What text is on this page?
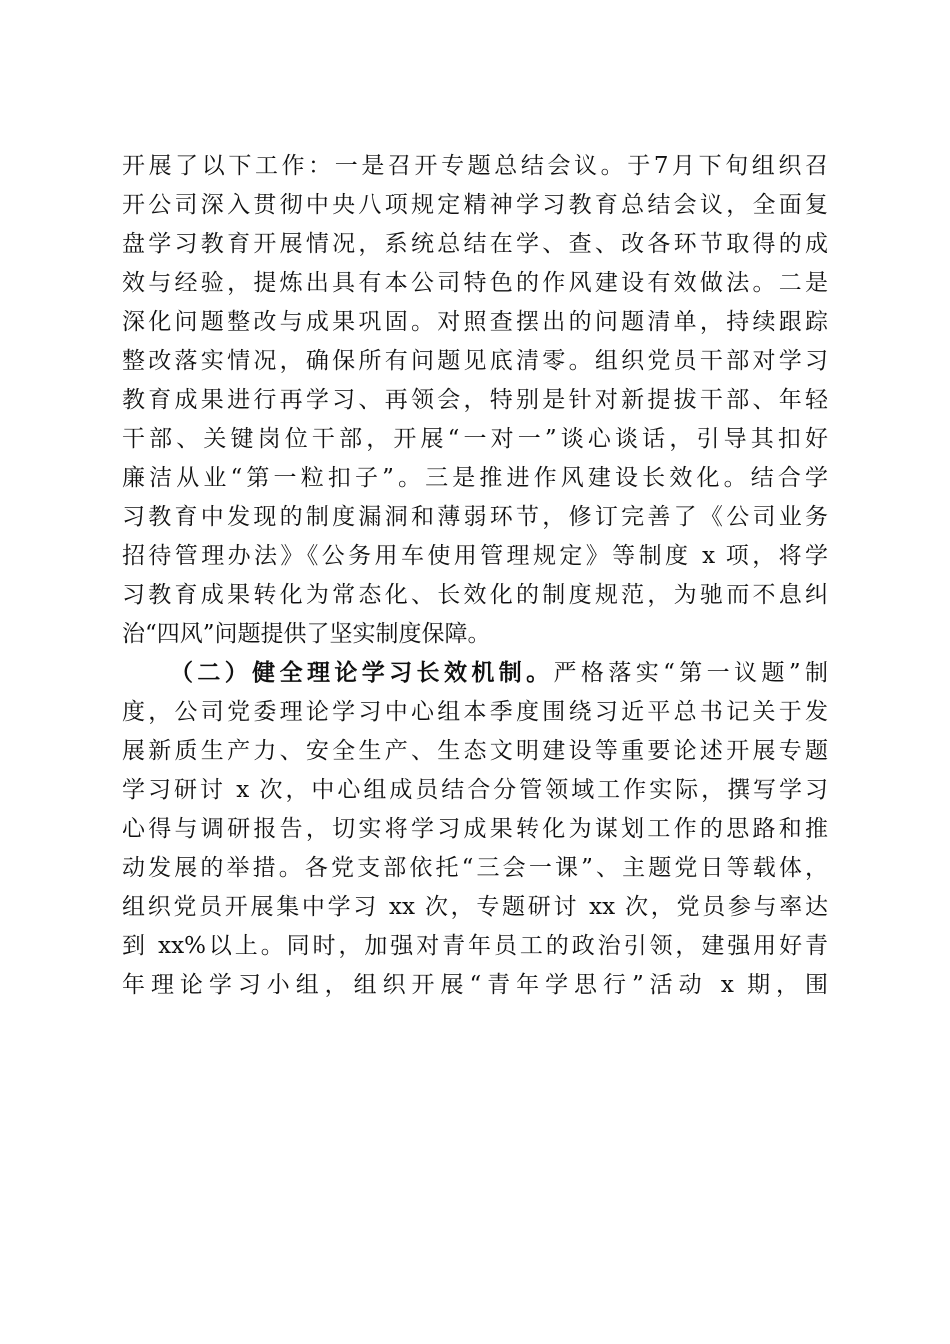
开展了以下工作：一是召开专题总结会议。于7月下旬组织召
开公司深入贯彻中央八项规定精神学习教育总结会议，全面复
盘学习教育开展情况，系统总结在学、查、改各环节取得的成
效与经验，提炼出具有本公司特色的作风建设有效做法。二是
深化问题整改与成果巩固。对照查摆出的问题清单，持续跟踪
整改落实情况，确保所有问题见底清零。组织党员干部对学习
教育成果进行再学习、再领会，特别是针对新提拔干部、年轻
干部、关键岗位干部，开展“一对一”谈心谈话，引导其扣好
廉洁从业“第一粒扣子”。三是推进作风建设长效化。结合学
习教育中发现的制度漏洞和薄弱环节，修订完善了《公司业务
招待管理办法》《公务用车使用管理规定》等制度 x 项，将学
习教育成果转化为常态化、长效化的制度规范，为驰而不息纠
治“四风”问题提供了坚实制度保障。
（二）健全理论学习长效机制。严格落实“第一议题”制
度，公司党委理论学习中心组本季度围绕习近平总书记关于发
展新质生产力、安全生产、生态文明建设等重要论述开展专题
学习研讨 x 次，中心组成员结合分管领域工作实际，撰写学习
心得与调研报告，切实将学习成果转化为谋划工作的思路和推
动发展的举措。各党支部依托“三会一课”、主题党日等载体，
组织党员开展集中学习 xx 次，专题研讨 xx 次，党员参与率达
到 xx%以上。同时，加强对青年员工的政治引领，建强用好青
年理论学习小组，组织开展“青年学思行”活动 x 期，围
